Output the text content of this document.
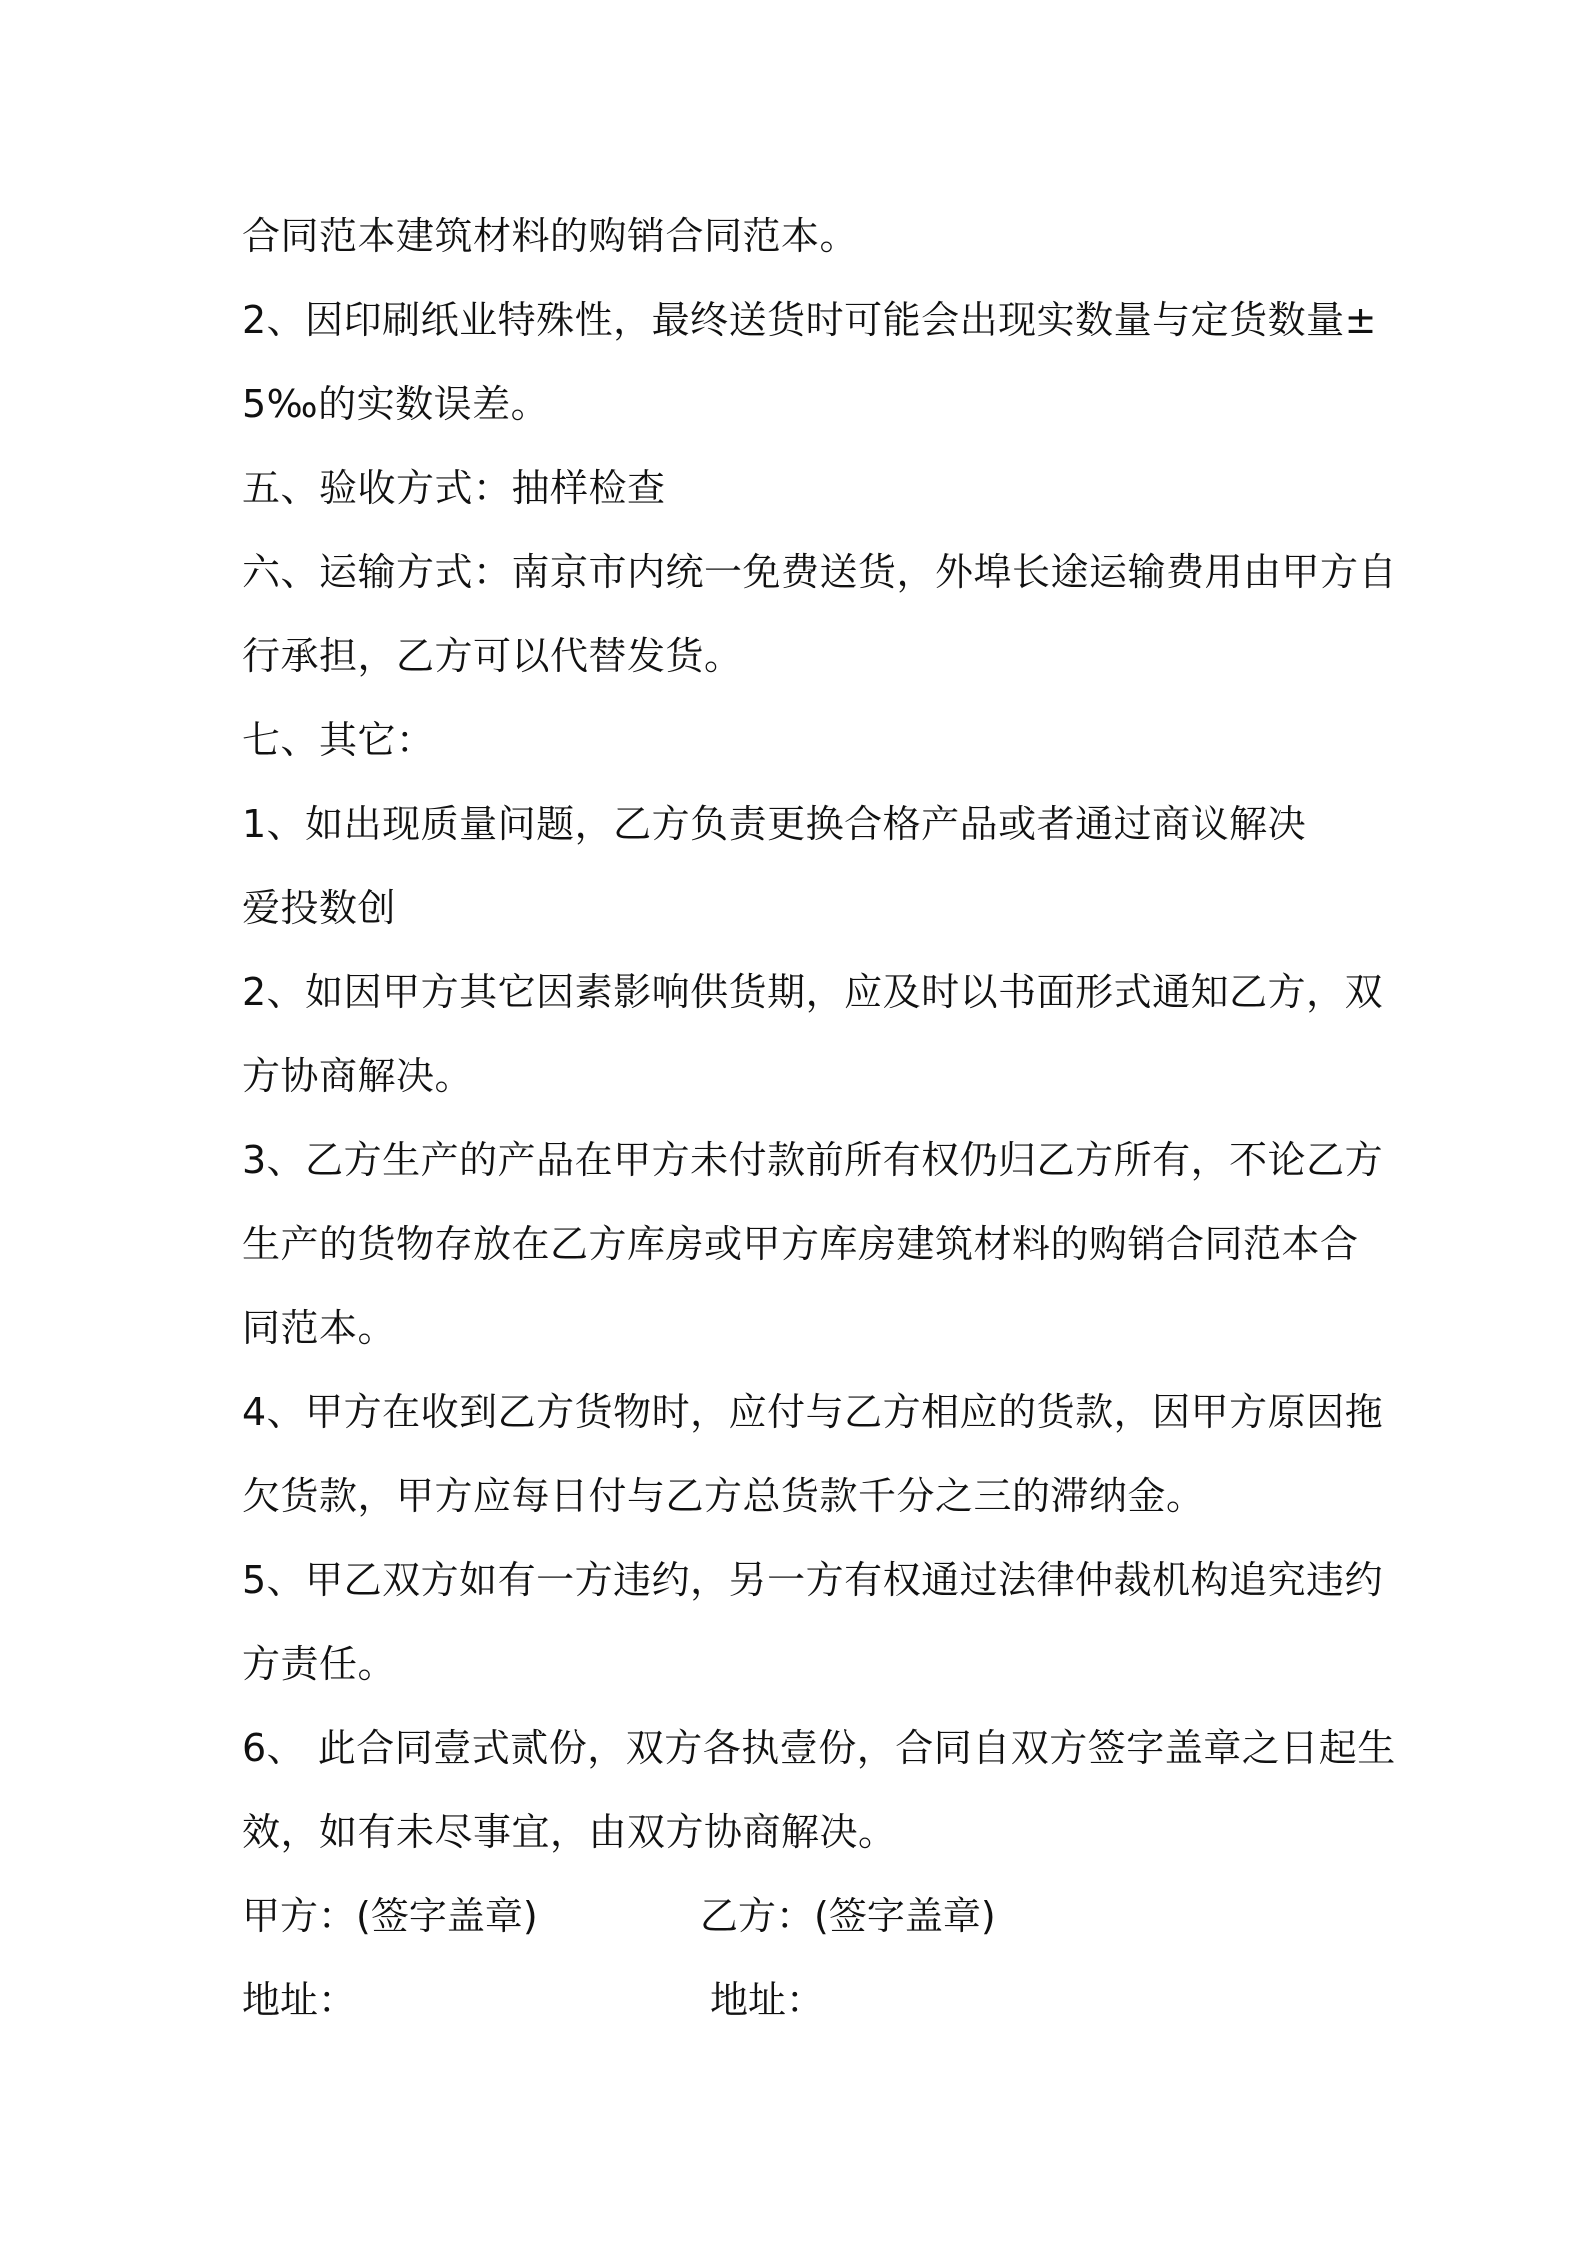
合同范本建筑材料的购销合同范本。
2、因印刷纸业特殊性，最终送货时可能会出现实数量与定货数量±
5‰的实数误差。
五、验收方式：抽样检查
六、运输方式：南京市内统一免费送货，外埠长途运输费用由甲方自
行承担，乙方可以代替发货。
七、其它：
1、如出现质量问题，乙方负责更换合格产品或者通过商议解决
爱投数创
2、如因甲方其它因素影响供货期，应及时以书面形式通知乙方，双
方协商解决。
3、乙方生产的产品在甲方未付款前所有权仍归乙方所有，不论乙方
生产的货物存放在乙方库房或甲方库房建筑材料的购销合同范本合
同范本。
4、甲方在收到乙方货物时，应付与乙方相应的货款，因甲方原因拖
欠货款，甲方应每日付与乙方总货款千分之三的滞纳金。
5、甲乙双方如有一方违约，另一方有权通过法律仲裁机构追究违约
方责任。
6、 此合同壹式贰份，双方各执壹份，合同自双方签字盖章之日起生
效，如有未尽事宜，由双方协商解决。
甲方：(签字盖章)	乙方：(签字盖章)
地址：	地址：
